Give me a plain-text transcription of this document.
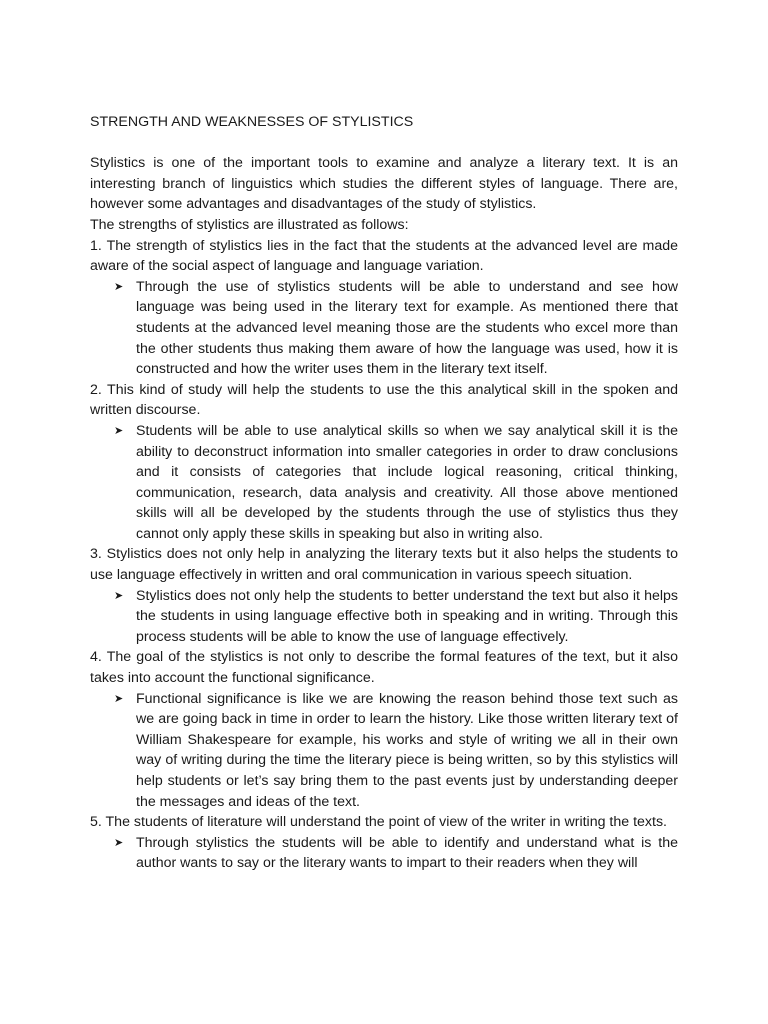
STRENGTH AND WEAKNESSES OF STYLISTICS

Stylistics is one of the important tools to examine and analyze a literary text. It is an interesting branch of linguistics which studies the different styles of language. There are, however some advantages and disadvantages of the study of stylistics.

The strengths of stylistics are illustrated as follows:

1. The strength of stylistics lies in the fact that the students at the advanced level are made aware of the social aspect of language and language variation.

➤ Through the use of stylistics students will be able to understand and see how language was being used in the literary text for example. As mentioned there that students at the advanced level meaning those are the students who excel more than the other students thus making them aware of how the language was used, how it is constructed and how the writer uses them in the literary text itself.

2. This kind of study will help the students to use the this analytical skill in the spoken and written discourse.

➤ Students will be able to use analytical skills so when we say analytical skill it is the ability to deconstruct information into smaller categories in order to draw conclusions and it consists of categories that include logical reasoning, critical thinking, communication, research, data analysis and creativity. All those above mentioned skills will all be developed by the students through the use of stylistics thus they cannot only apply these skills in speaking but also in writing also.

3. Stylistics does not only help in analyzing the literary texts but it also helps the students to use language effectively in written and oral communication in various speech situation.

➤ Stylistics does not only help the students to better understand the text but also it helps the students in using language effective both in speaking and in writing. Through this process students will be able to know the use of language effectively.

4. The goal of the stylistics is not only to describe the formal features of the text, but it also takes into account the functional significance.

➤ Functional significance is like we are knowing the reason behind those text such as we are going back in time in order to learn the history. Like those written literary text of William Shakespeare for example, his works and style of writing we all in their own way of writing during the time the literary piece is being written, so by this stylistics will help students or let’s say bring them to the past events just by understanding deeper the messages and ideas of the text.

5. The students of literature will understand the point of view of the writer in writing the texts.

➤ Through stylistics the students will be able to identify and understand what is the author wants to say or the literary wants to impart to their readers when they will
